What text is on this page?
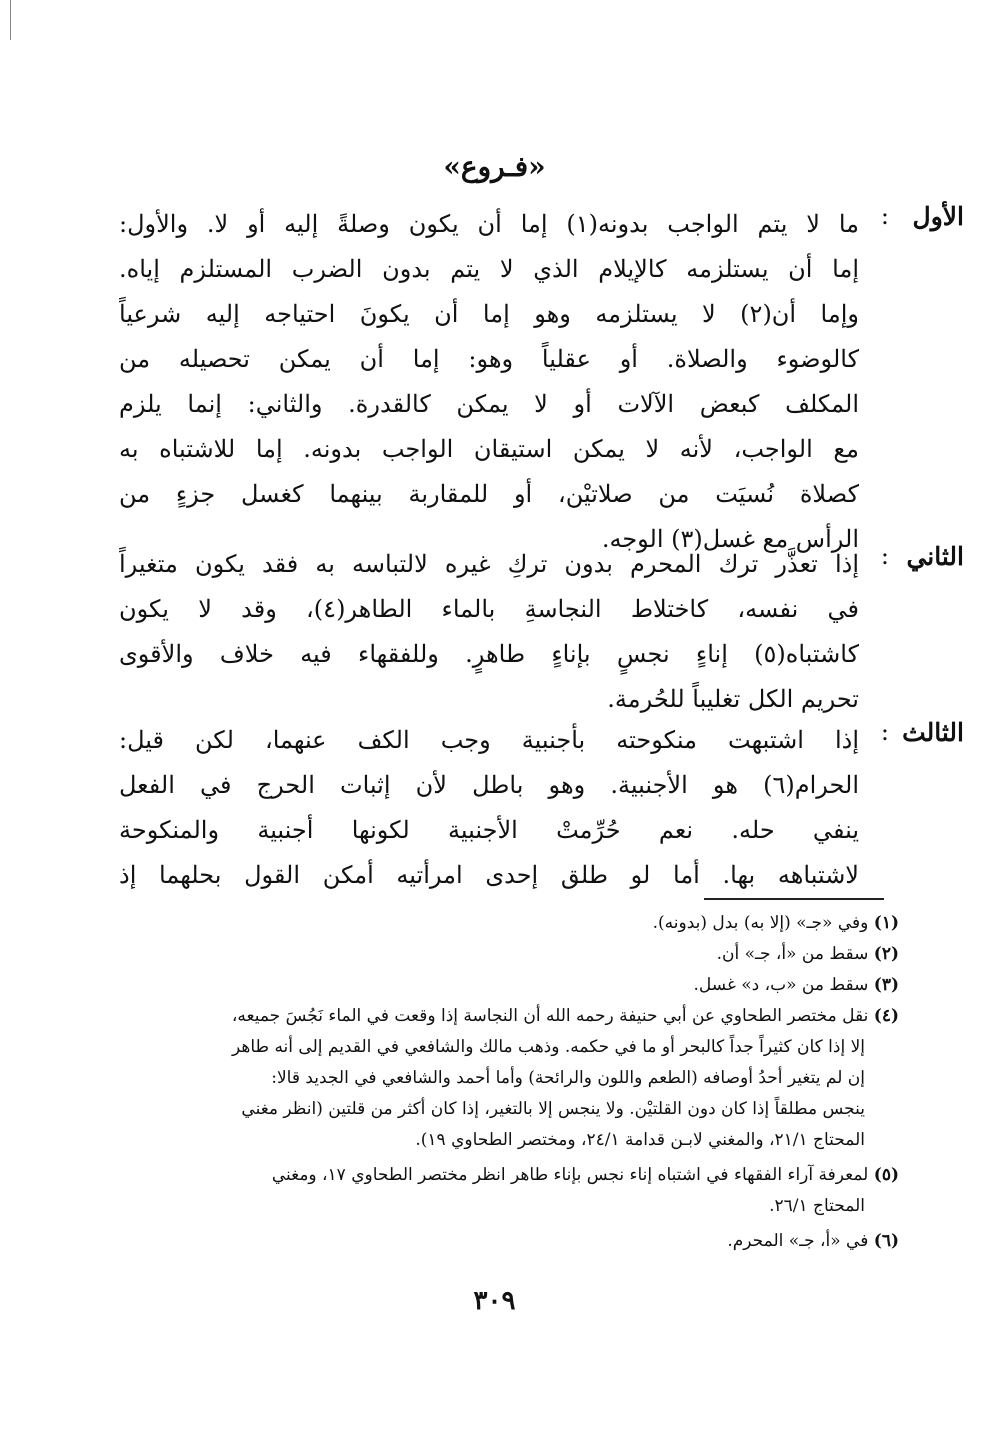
«فـروع»
الأول
:
ما لا يتم الواجب بدونه(١) إما أن يكون وصلةً إليه أو لا. والأول:
إما أن يستلزمه كالإيلام الذي لا يتم بدون الضرب المستلزم إياه.
وإما أن(٢) لا يستلزمه وهو إما أن يكونَ احتياجه إليه شرعياً
كالوضوء والصلاة. أو عقلياً وهو: إما أن يمكن تحصيله من
المكلف كبعض الآلات أو لا يمكن كالقدرة. والثاني: إنما يلزم
مع الواجب، لأنه لا يمكن استيقان الواجب بدونه. إما للاشتباه به
كصلاة نُسيَت من صلاتيْن، أو للمقاربة بينهما كغسل جزءٍ من
الرأس مع غسل(٣) الوجه.
الثاني
:
إذا تعذَّر ترك المحرم بدون تركِ غيره لالتباسه به فقد يكون متغيراً
في نفسه، كاختلاط النجاسةِ بالماء الطاهر(٤)، وقد لا يكون
كاشتباه(٥) إناءٍ نجسٍ بإناءٍ طاهرٍ. وللفقهاء فيه خلاف والأقوى
تحريم الكل تغليباً للحُرمة.
الثالث
:
إذا اشتبهت منكوحته بأجنبية وجب الكف عنهما، لكن قيل:
الحرام(٦) هو الأجنبية. وهو باطل لأن إثبات الحرج في الفعل
ينفي حله. نعم حُرِّمتْ الأجنبية لكونها أجنبية والمنكوحة
لاشتباهه بها. أما لو طلق إحدى امرأتيه أمكن القول بحلهما إذ
(١) وفي «جـ» (إلا به) بدل (بدونه).
(٢) سقط من «أ، جـ» أن.
(٣) سقط من «ب، د» غسل.
(٤) نقل مختصر الطحاوي عن أبي حنيفة رحمه الله أن النجاسة إذا وقعت في الماء نَجُسَ جميعه،
إلا إذا كان كثيراً جداً كالبحر أو ما في حكمه. وذهب مالك والشافعي في القديم إلى أنه طاهر
إن لم يتغير أحدُ أوصافه (الطعم واللون والرائحة) وأما أحمد والشافعي في الجديد قالا:
ينجس مطلقاً إذا كان دون القلتيْن. ولا ينجس إلا بالتغير، إذا كان أكثر من قلتين (انظر مغني
المحتاج ٢١/١، والمغني لابـن قدامة ٢٤/١، ومختصر الطحاوي ١٩).
(٥) لمعرفة آراء الفقهاء في اشتباه إناء نجس بإناء طاهر انظر مختصر الطحاوي ١٧، ومغني
المحتاج ٢٦/١.
(٦) في «أ، جـ» المحرم.
٣٠٩
